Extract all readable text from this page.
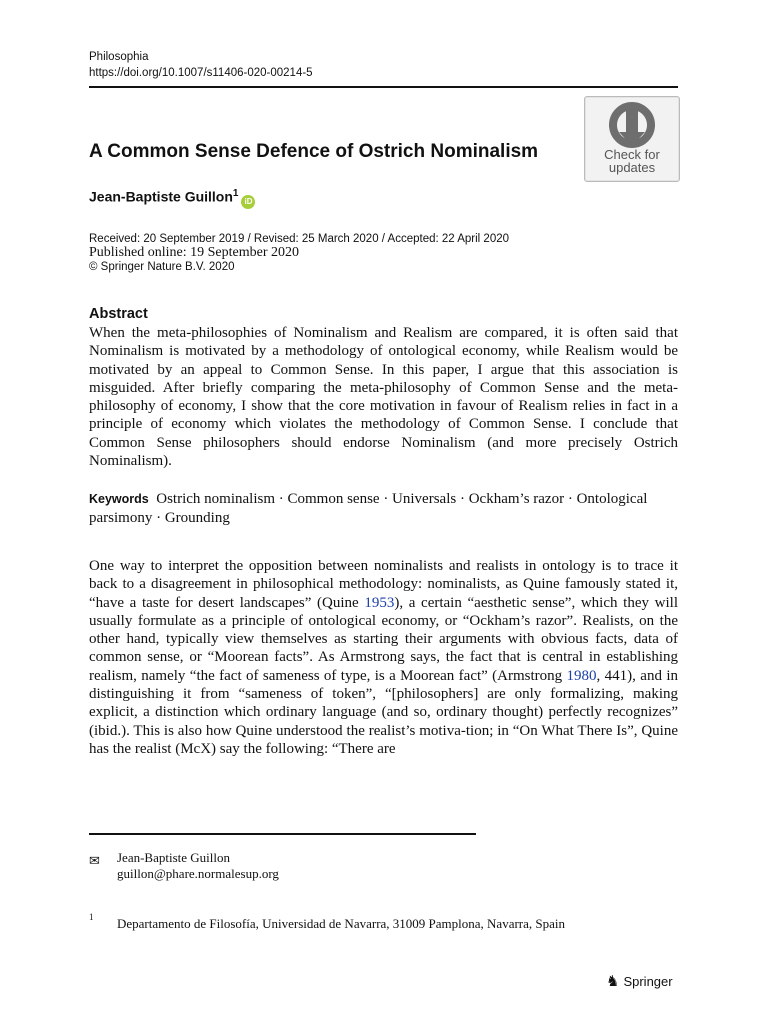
Philosophia
https://doi.org/10.1007/s11406-020-00214-5
Check for
updates
A Common Sense Defence of Ostrich Nominalism
Jean-Baptiste Guillon$^1$iD
Received: 20 September 2019 / Revised: 25 March 2020 / Accepted: 22 April 2020
Published online: 19 September 2020
© Springer Nature B.V. 2020
Abstract

When the meta-philosophies of Nominalism and Realism are compared, it is often said that Nominalism is motivated by a methodology of ontological economy, while Realism would be motivated by an appeal to Common Sense. In this paper, I argue that this association is misguided. After briefly comparing the meta-philosophy of Common Sense and the meta-philosophy of economy, I show that the core motivation in favour of Realism relies in fact in a principle of economy which violates the methodology of Common Sense. I conclude that Common Sense philosophers should endorse Nominalism (and more precisely Ostrich Nominalism).

Keywords Ostrich nominalism · Common sense · Universals · Ockham’s razor · Ontological parsimony · Grounding

One way to interpret the opposition between nominalists and realists in ontology is to trace it back to a disagreement in philosophical methodology: nominalists, as Quine famously stated it, “have a taste for desert landscapes” (Quine 1953), a certain “aesthetic sense”, which they will usually formulate as a principle of ontological economy, or “Ockham’s razor”. Realists, on the other hand, typically view themselves as starting their arguments with obvious facts, data of common sense, or “Moorean facts”. As Armstrong says, the fact that is central in establishing realism, namely “the fact of sameness of type, is a Moorean fact” (Armstrong 1980, 441), and in distinguishing it from “sameness of token”, “[philosophers] are only formalizing, making explicit, a distinction which ordinary language (and so, ordinary thought) perfectly recognizes” (ibid.). This is also how Quine understood the realist’s motiva-tion; in “On What There Is”, Quine has the realist (McX) say the following: “There are

✉ Jean-Baptiste Guillon
guillon@phare.normalesup.org
1 Departamento de Filosofía, Universidad de Navarra, 31009 Pamplona, Navarra, Spain
♞ Springer
